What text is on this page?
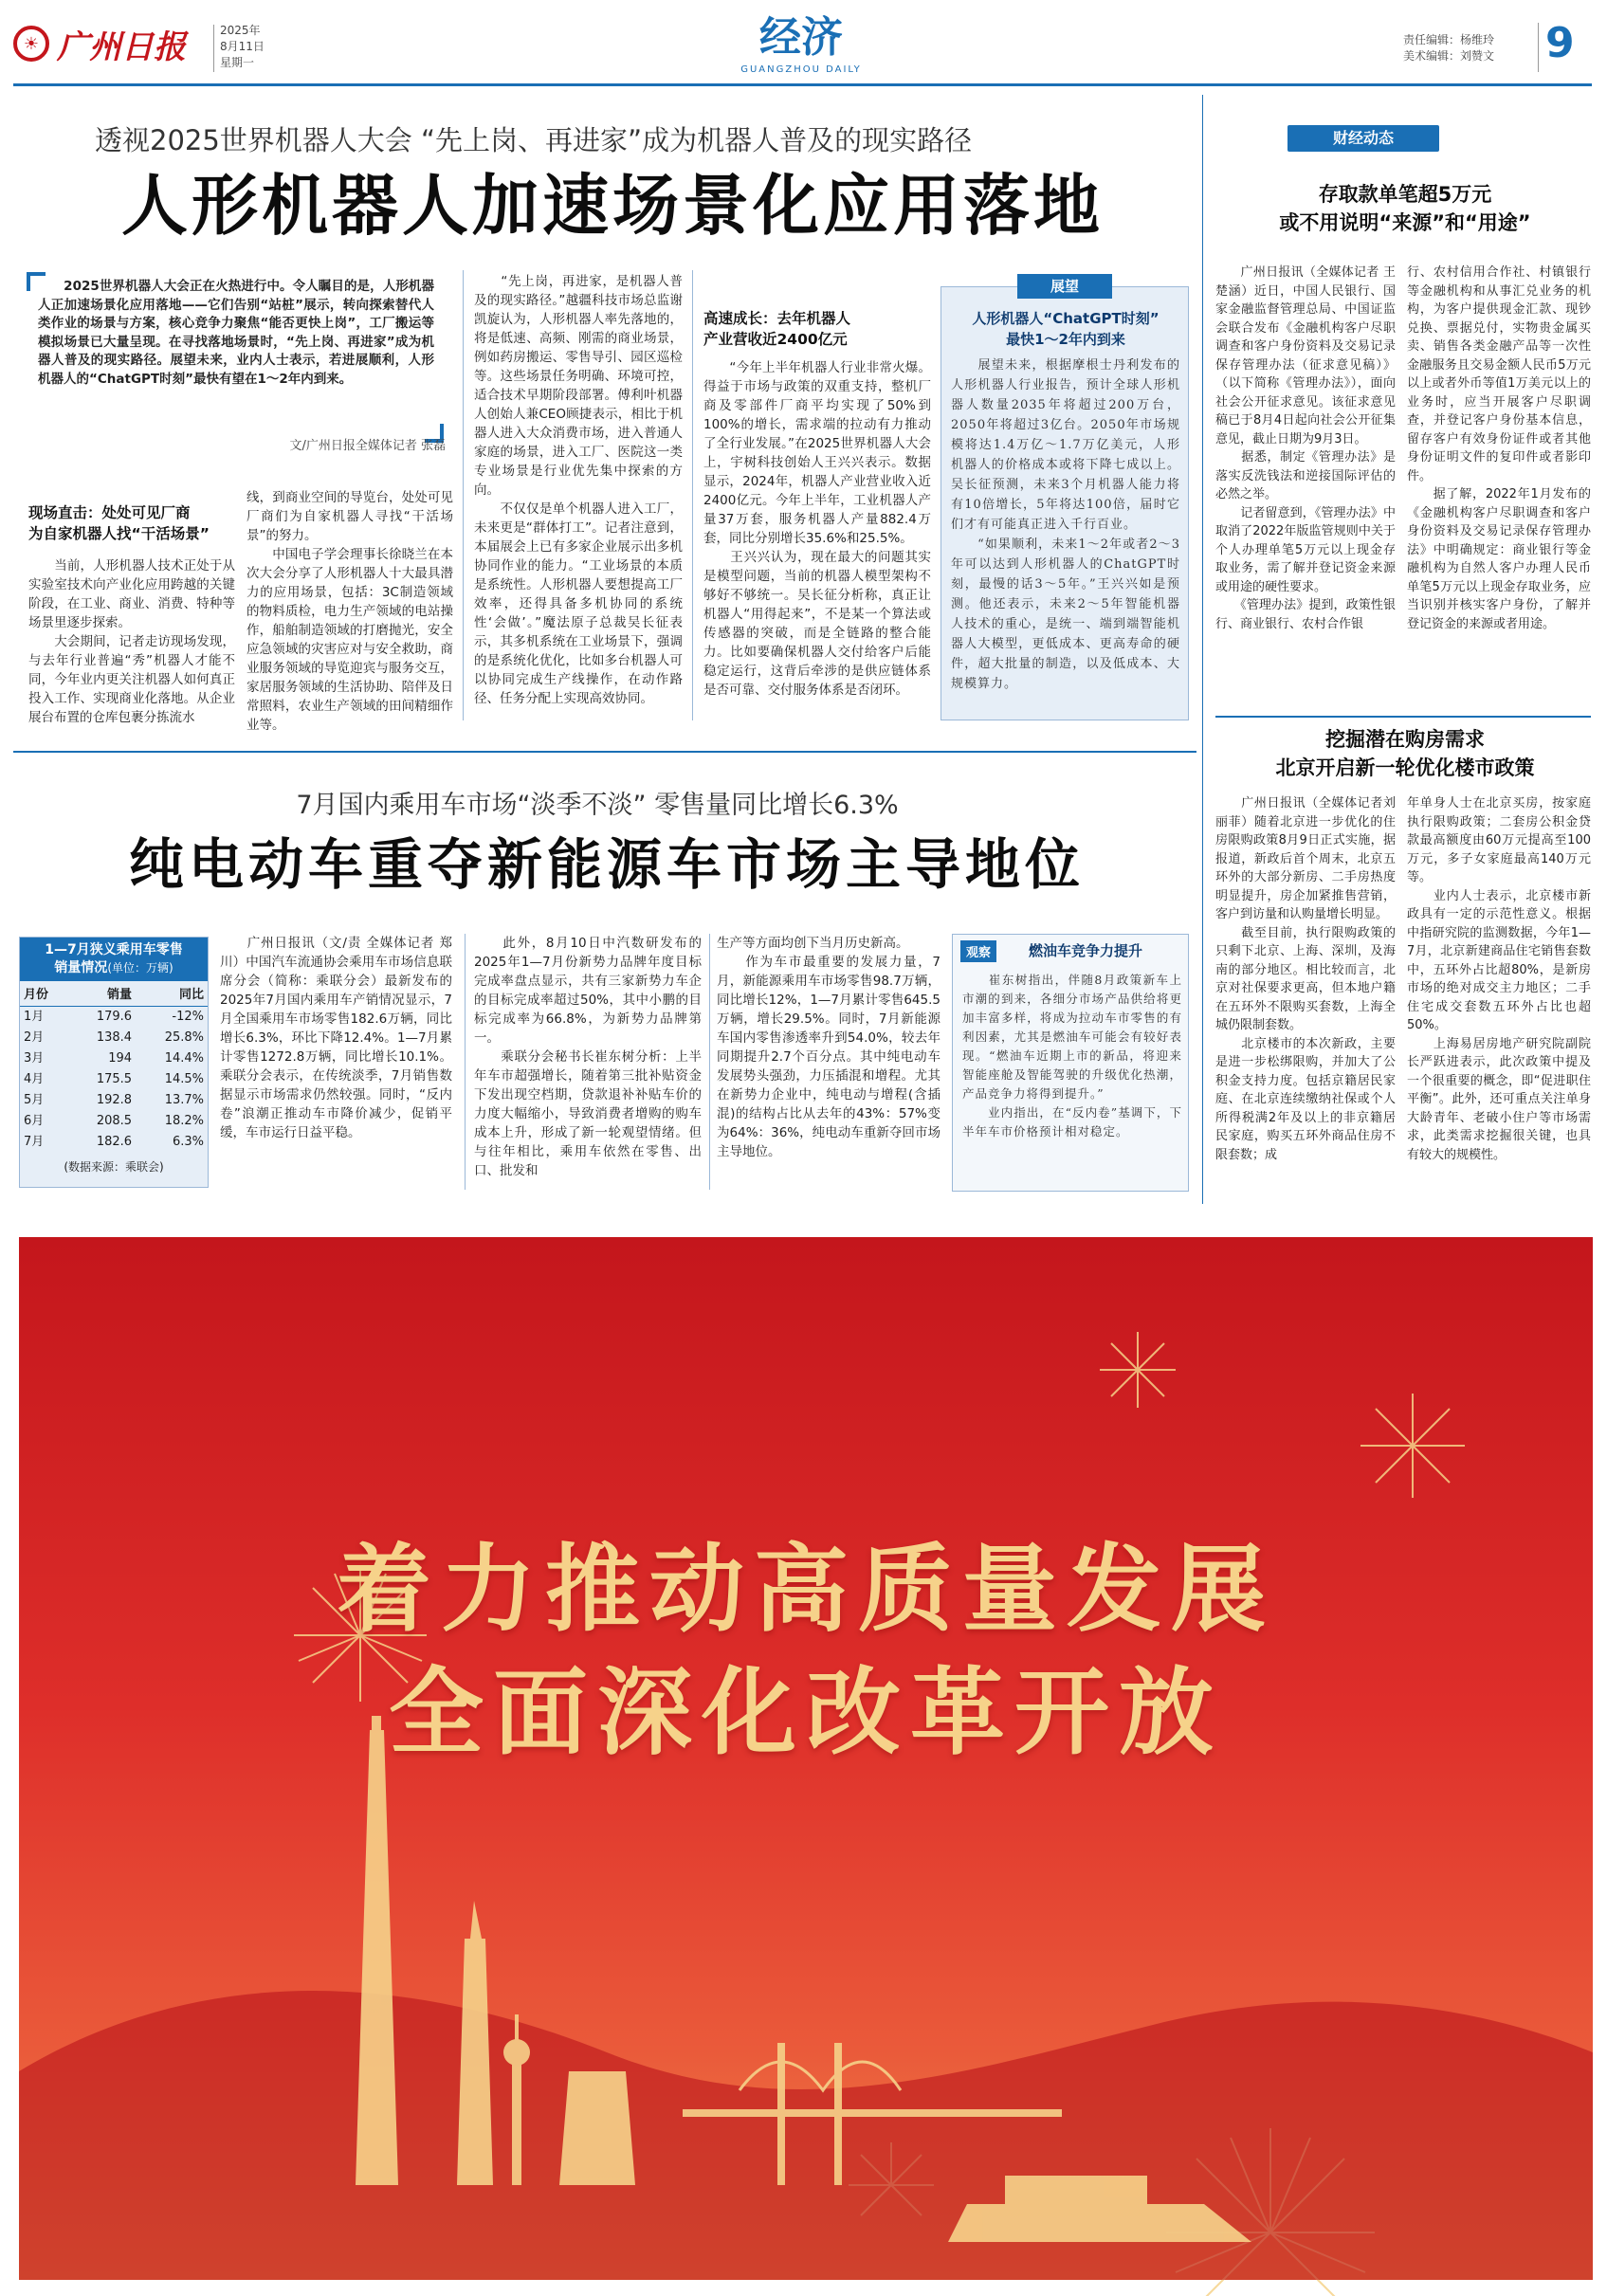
☀ 广州日报	2025年
8月11日
星期一
经济
GUANGZHOU DAILY
责任编辑：杨维玲
美术编辑：刘赞文	9
透视2025世界机器人大会 “先上岗、再进家”成为机器人普及的现实路径
人形机器人加速场景化应用落地
　　2025世界机器人大会正在火热进行中。令人瞩目的是，人形机器人正加速场景化应用落地——它们告别“站桩”展示，转向探索替代人类作业的场景与方案，核心竞争力聚焦“能否更快上岗”，工厂搬运等模拟场景已大量呈现。在寻找落地场景时，“先上岗、再进家”成为机器人普及的现实路径。展望未来，业内人士表示，若进展顺利，人形机器人的“ChatGPT时刻”最快有望在1～2年内到来。
文/广州日报全媒体记者 张磊
现场直击：处处可见厂商
为自家机器人找“干活场景”
　　当前，人形机器人技术正处于从实验室技术向产业化应用跨越的关键阶段，在工业、商业、消费、特种等场景里逐步探索。
　　大会期间，记者走访现场发现，与去年行业普遍“秀”机器人才能不同，今年业内更关注机器人如何真正投入工作、实现商业化落地。从企业展台布置的仓库包裹分拣流水
线，到商业空间的导览台，处处可见厂商们为自家机器人寻找“干活场景”的努力。
　　中国电子学会理事长徐晓兰在本次大会分享了人形机器人十大最具潜力的应用场景，包括：3C制造领域的物料质检，电力生产领域的电站操作，船舶制造领域的打磨抛光，安全应急领域的灾害应对与安全救助，商业服务领域的导览迎宾与服务交互，家居服务领域的生活协助、陪伴及日常照料，农业生产领域的田间精细作业等。
　　“先上岗，再进家，是机器人普及的现实路径。”越疆科技市场总监谢凯旋认为，人形机器人率先落地的，将是低速、高频、刚需的商业场景，例如药房搬运、零售导引、园区巡检等。这些场景任务明确、环境可控，适合技术早期阶段部署。傅利叶机器人创始人兼CEO顾捷表示，相比于机器人进入大众消费市场，进入普通人家庭的场景，进入工厂、医院这一类专业场景是行业优先集中探索的方向。
　　不仅仅是单个机器人进入工厂，未来更是“群体打工”。记者注意到，本届展会上已有多家企业展示出多机协同作业的能力。“工业场景的本质是系统性。人形机器人要想提高工厂效率，还得具备多机协同的系统性‘会做’。”魔法原子总裁吴长征表示，其多机系统在工业场景下，强调的是系统化优化，比如多台机器人可以协同完成生产线操作，在动作路径、任务分配上实现高效协同。
高速成长：去年机器人
产业营收近2400亿元
　　“今年上半年机器人行业非常火爆。得益于市场与政策的双重支持，整机厂商及零部件厂商平均实现了50%到100%的增长，需求端的拉动有力推动了全行业发展。”在2025世界机器人大会上，宇树科技创始人王兴兴表示。数据显示，2024年，机器人产业营业收入近2400亿元。今年上半年，工业机器人产量37万套，服务机器人产量882.4万套，同比分别增长35.6%和25.5%。
　　王兴兴认为，现在最大的问题其实是模型问题，当前的机器人模型架构不够好不够统一。吴长征分析称，真正让机器人“用得起来”，不是某一个算法或传感器的突破，而是全链路的整合能力。比如要确保机器人交付给客户后能稳定运行，这背后牵涉的是供应链体系是否可靠、交付服务体系是否闭环。
展望
人形机器人“ChatGPT时刻”
最快1～2年内到来
　　展望未来，根据摩根士丹利发布的人形机器人行业报告，预计全球人形机器人数量2035年将超过200万台，2050年将超过3亿台。2050年市场规模将达1.4万亿～1.7万亿美元，人形机器人的价格成本或将下降七成以上。吴长征预测，未来3个月机器人能力将有10倍增长，5年将达100倍，届时它们才有可能真正进入千行百业。
　　“如果顺利，未来1～2年或者2～3年可以达到人形机器人的ChatGPT时刻，最慢的话3～5年。”王兴兴如是预测。他还表示，未来2～5年智能机器人技术的重心，是统一、端到端智能机器人大模型，更低成本、更高寿命的硬件，超大批量的制造，以及低成本、大规模算力。
7月国内乘用车市场“淡季不淡” 零售量同比增长6.3%
纯电动车重夺新能源车市场主导地位
1—7月狭义乘用车零售
销量情况(单位：万辆)
月份	销量	同比
1月	179.6	-12%
2月	138.4	25.8%
3月	194	14.4%
4月	175.5	14.5%
5月	192.8	13.7%
6月	208.5	18.2%
7月	182.6	6.3%
(数据来源：乘联会)
　　广州日报讯（文/责 全媒体记者 郑川）中国汽车流通协会乘用车市场信息联席分会（简称：乘联分会）最新发布的2025年7月国内乘用车产销情况显示，7月全国乘用车市场零售182.6万辆，同比增长6.3%，环比下降12.4%。1—7月累计零售1272.8万辆，同比增长10.1%。乘联分会表示，在传统淡季，7月销售数据显示市场需求仍然较强。同时，“反内卷”浪潮正推动车市降价减少，促销平缓，车市运行日益平稳。
　　此外，8月10日中汽数研发布的2025年1—7月份新势力品牌年度目标完成率盘点显示，共有三家新势力车企的目标完成率超过50%，其中小鹏的目标完成率为66.8%，为新势力品牌第一。
　　乘联分会秘书长崔东树分析：上半年车市超强增长，随着第三批补贴资金下发出现空档期，贷款退补补贴车价的力度大幅缩小，导致消费者增购的购车成本上升，形成了新一轮观望情绪。但与往年相比，乘用车依然在零售、出口、批发和
生产等方面均创下当月历史新高。
　　作为车市最重要的发展力量，7月，新能源乘用车市场零售98.7万辆，同比增长12%，1—7月累计零售645.5万辆，增长29.5%。同时，7月新能源车国内零售渗透率升到54.0%，较去年同期提升2.7个百分点。其中纯电动车发展势头强劲，力压插混和增程。尤其在新势力企业中，纯电动与增程(含插混)的结构占比从去年的43%：57%变为64%：36%，纯电动车重新夺回市场主导地位。
观察	燃油车竞争力提升
　　崔东树指出，伴随8月政策新车上市潮的到来，各细分市场产品供给将更加丰富多样，将成为拉动车市零售的有利因素，尤其是燃油车可能会有较好表现。“燃油车近期上市的新品，将迎来智能座舱及智能驾驶的升级优化热潮，产品竞争力将得到提升。”
　　业内指出，在“反内卷”基调下，下半年车市价格预计相对稳定。
财经动态
存取款单笔超5万元
或不用说明“来源”和“用途”
　　广州日报讯（全媒体记者 王楚涵）近日，中国人民银行、国家金融监督管理总局、中国证监会联合发布《金融机构客户尽职调查和客户身份资料及交易记录保存管理办法（征求意见稿）》（以下简称《管理办法》），面向社会公开征求意见。该征求意见稿已于8月4日起向社会公开征集意见，截止日期为9月3日。
　　据悉，制定《管理办法》是落实反洗钱法和逆接国际评估的必然之举。
　　记者留意到，《管理办法》中取消了2022年版监管规则中关于个人办理单笔5万元以上现金存取业务，需了解并登记资金来源或用途的硬性要求。
　　《管理办法》提到，政策性银行、商业银行、农村合作银
行、农村信用合作社、村镇银行等金融机构和从事汇兑业务的机构，为客户提供现金汇款、现钞兑换、票据兑付，实物贵金属买卖、销售各类金融产品等一次性金融服务且交易金额人民币5万元以上或者外币等值1万美元以上的业务时，应当开展客户尽职调查，并登记客户身份基本信息，留存客户有效身份证件或者其他身份证明文件的复印件或者影印件。
　　据了解，2022年1月发布的《金融机构客户尽职调查和客户身份资料及交易记录保存管理办法》中明确规定：商业银行等金融机构为自然人客户办理人民币单笔5万元以上现金存取业务，应当识别并核实客户身份，了解并登记资金的来源或者用途。
挖掘潜在购房需求
北京开启新一轮优化楼市政策
　　广州日报讯（全媒体记者刘丽菲）随着北京进一步优化的住房限购政策8月9日正式实施，据报道，新政后首个周末，北京五环外的大部分新房、二手房热度明显提升，房企加紧推售营销，客户到访量和认购量增长明显。
　　截至目前，执行限购政策的只剩下北京、上海、深圳，及海南的部分地区。相比较而言，北京对社保要求更高，但本地户籍在五环外不限购买套数，上海全城仍限制套数。
　　北京楼市的本次新政，主要是进一步松绑限购，并加大了公积金支持力度。包括京籍居民家庭、在北京连续缴纳社保或个人所得税满2年及以上的非京籍居民家庭，购买五环外商品住房不限套数；成
年单身人士在北京买房，按家庭执行限购政策；二套房公积金贷款最高额度由60万元提高至100万元，多子女家庭最高140万元等。
　　业内人士表示，北京楼市新政具有一定的示范性意义。根据中指研究院的监测数据，今年1—7月，北京新建商品住宅销售套数中，五环外占比超80%，是新房市场的绝对成交主力地区；二手住宅成交套数五环外占比也超50%。
　　上海易居房地产研究院副院长严跃进表示，此次政策中提及一个很重要的概念，即“促进职住平衡”。此外，还可重点关注单身大龄青年、老破小住户等市场需求，此类需求挖掘很关键，也具有较大的规模性。
着力推动高质量发展
全面深化改革开放
